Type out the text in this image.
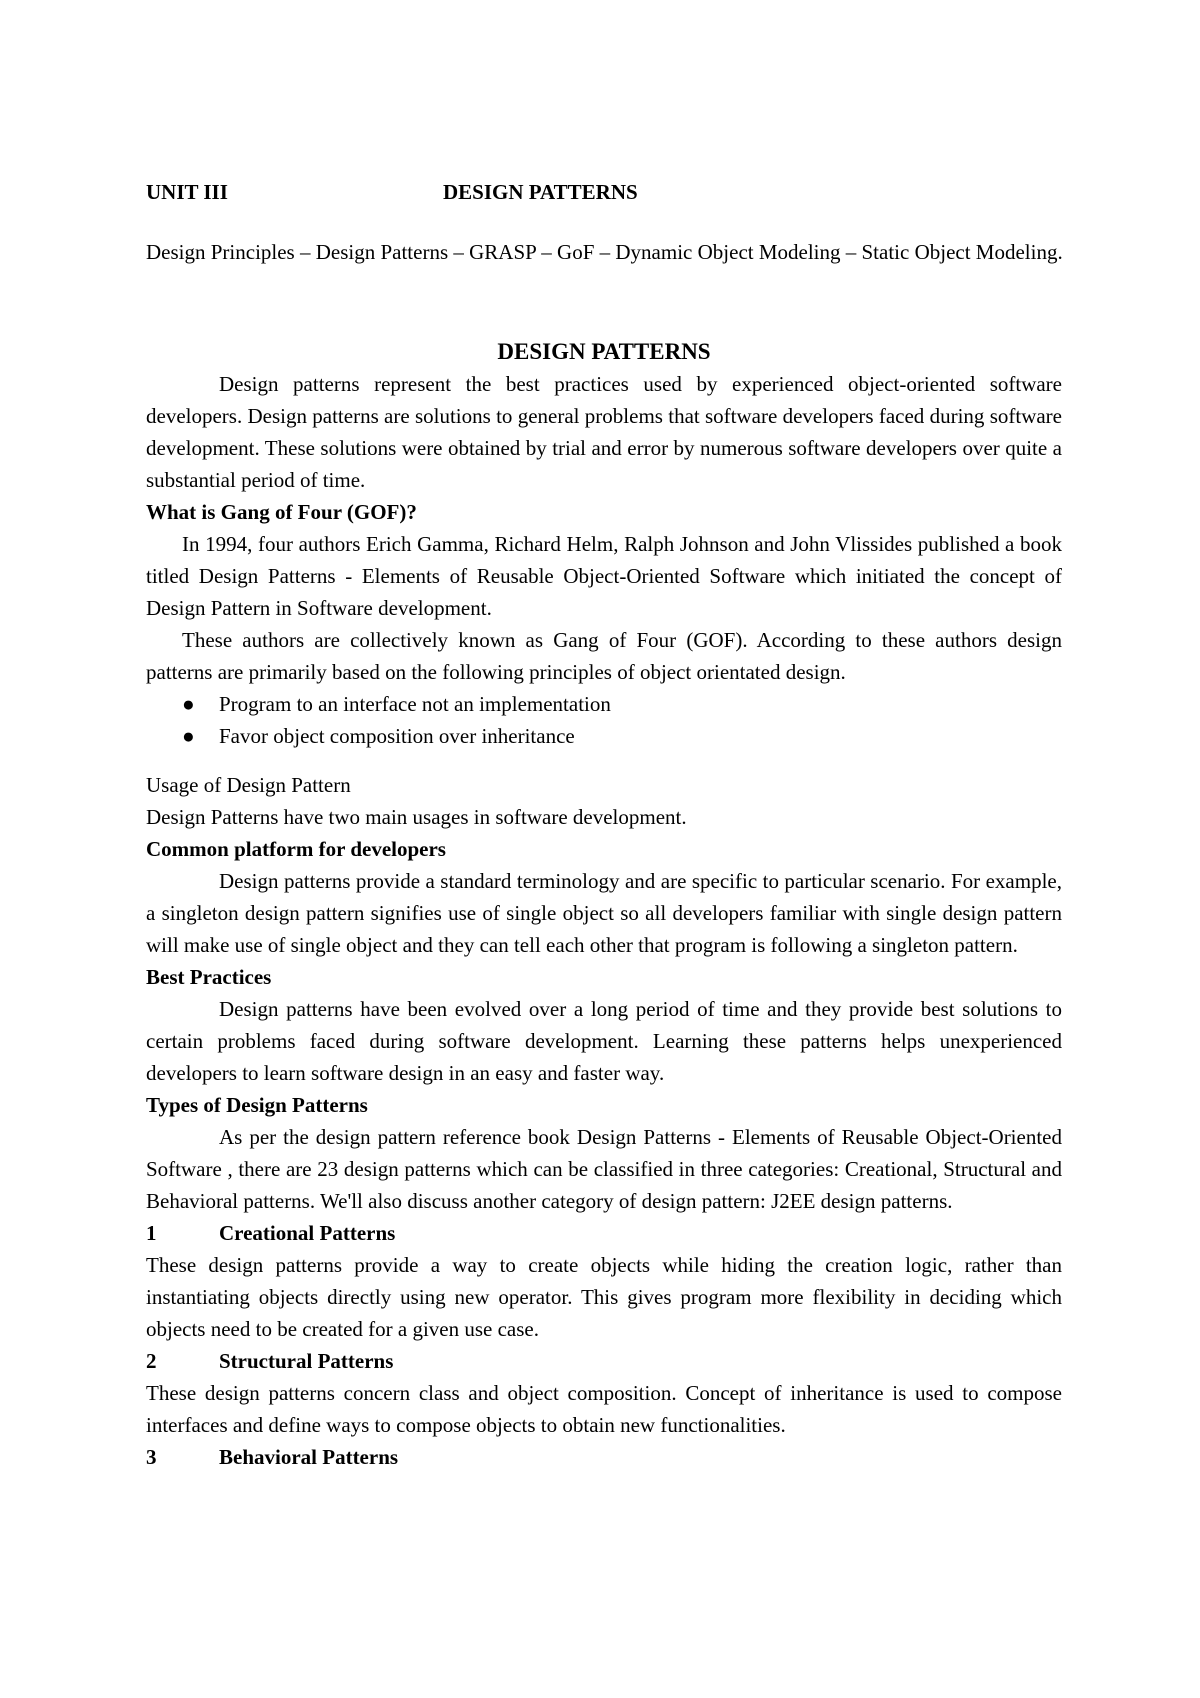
UNIT III	DESIGN PATTERNS
Design Principles – Design Patterns – GRASP – GoF – Dynamic Object Modeling – Static Object Modeling.
DESIGN PATTERNS

Design patterns represent the best practices used by experienced object-oriented software developers. Design patterns are solutions to general problems that software developers faced during software development. These solutions were obtained by trial and error by numerous software developers over quite a substantial period of time.

What is Gang of Four (GOF)?

In 1994, four authors Erich Gamma, Richard Helm, Ralph Johnson and John Vlissides published a book titled Design Patterns - Elements of Reusable Object-Oriented Software which initiated the concept of Design Pattern in Software development.

These authors are collectively known as Gang of Four (GOF). According to these authors design patterns are primarily based on the following principles of object orientated design.

● Program to an interface not an implementation
● Favor object composition over inheritance
Usage of Design Pattern
Design Patterns have two main usages in software development.
Common platform for developers

Design patterns provide a standard terminology and are specific to particular scenario. For example, a singleton design pattern signifies use of single object so all developers familiar with single design pattern will make use of single object and they can tell each other that program is following a singleton pattern.

Best Practices

Design patterns have been evolved over a long period of time and they provide best solutions to certain problems faced during software development. Learning these patterns helps unexperienced developers to learn software design in an easy and faster way.

Types of Design Patterns

As per the design pattern reference book Design Patterns - Elements of Reusable Object-Oriented Software , there are 23 design patterns which can be classified in three categories: Creational, Structural and Behavioral patterns. We'll also discuss another category of design pattern: J2EE design patterns.

1	Creational Patterns

These design patterns provide a way to create objects while hiding the creation logic, rather than instantiating objects directly using new operator. This gives program more flexibility in deciding which objects need to be created for a given use case.

2	Structural Patterns

These design patterns concern class and object composition. Concept of inheritance is used to compose interfaces and define ways to compose objects to obtain new functionalities.

3	Behavioral Patterns
